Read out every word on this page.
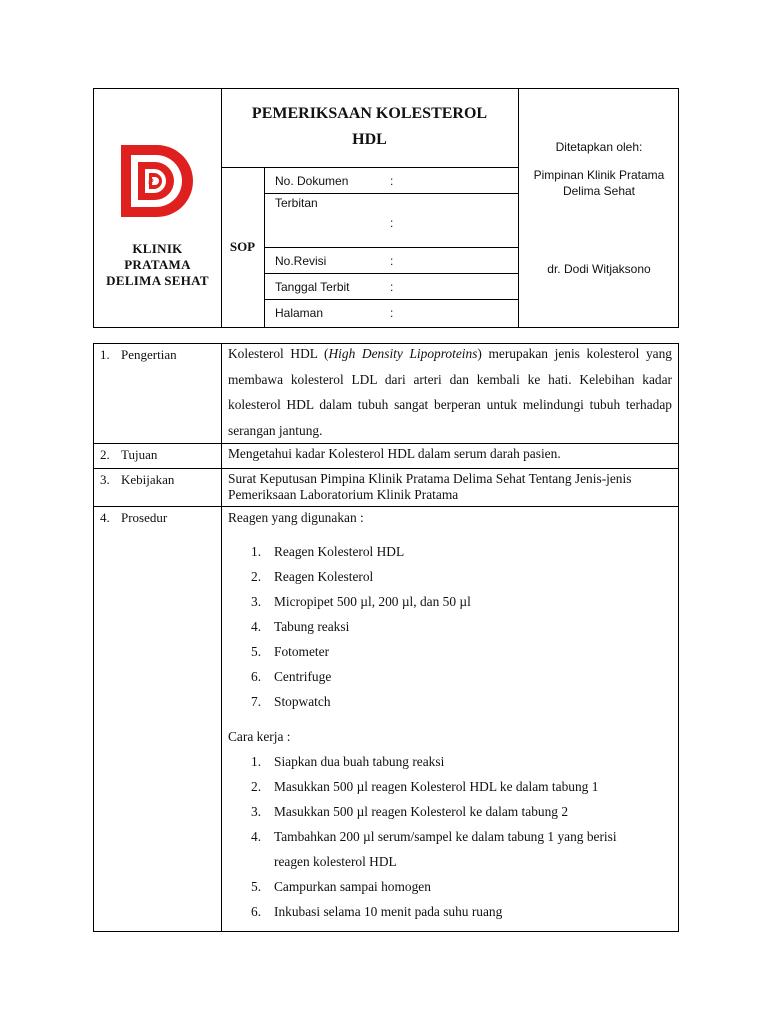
₽
KLINIK
PRATAMA
DELIMA SEHAT
PEMERIKSAAN KOLESTEROL
HDL
SOP
No. Dokumen	:
Terbitan
:
No.Revisi	:
Tanggal Terbit	:
Halaman	:
Ditetapkan oleh:
Pimpinan Klinik Pratama
Delima Sehat
dr. Dodi Witjaksono
1. Pengertian	Kolesterol HDL (High Density Lipoproteins) merupakan jenis kolesterol yang membawa kolesterol LDL dari arteri dan kembali ke hati. Kelebihan kadar kolesterol HDL dalam tubuh sangat berperan untuk melindungi tubuh terhadap serangan jantung.
2. Tujuan	Mengetahui kadar Kolesterol HDL dalam serum darah pasien.
3. Kebijakan	Surat Keputusan Pimpina Klinik Pratama Delima Sehat Tentang Jenis-jenis Pemeriksaan Laboratorium Klinik Pratama
4. Prosedur	Reagen yang digunakan :
1. Reagen Kolesterol HDL
2. Reagen Kolesterol
3. Micropipet 500 µl, 200 µl, dan 50 µl
4. Tabung reaksi
5. Fotometer
6. Centrifuge
7. Stopwatch
Cara kerja :
1. Siapkan dua buah tabung reaksi
2. Masukkan 500 µl reagen Kolesterol HDL ke dalam tabung 1
3. Masukkan 500 µl reagen Kolesterol ke dalam tabung 2
4. Tambahkan 200 µl serum/sampel ke dalam tabung 1 yang berisi
reagen kolesterol HDL
5. Campurkan sampai homogen
6. Inkubasi selama 10 menit pada suhu ruang
